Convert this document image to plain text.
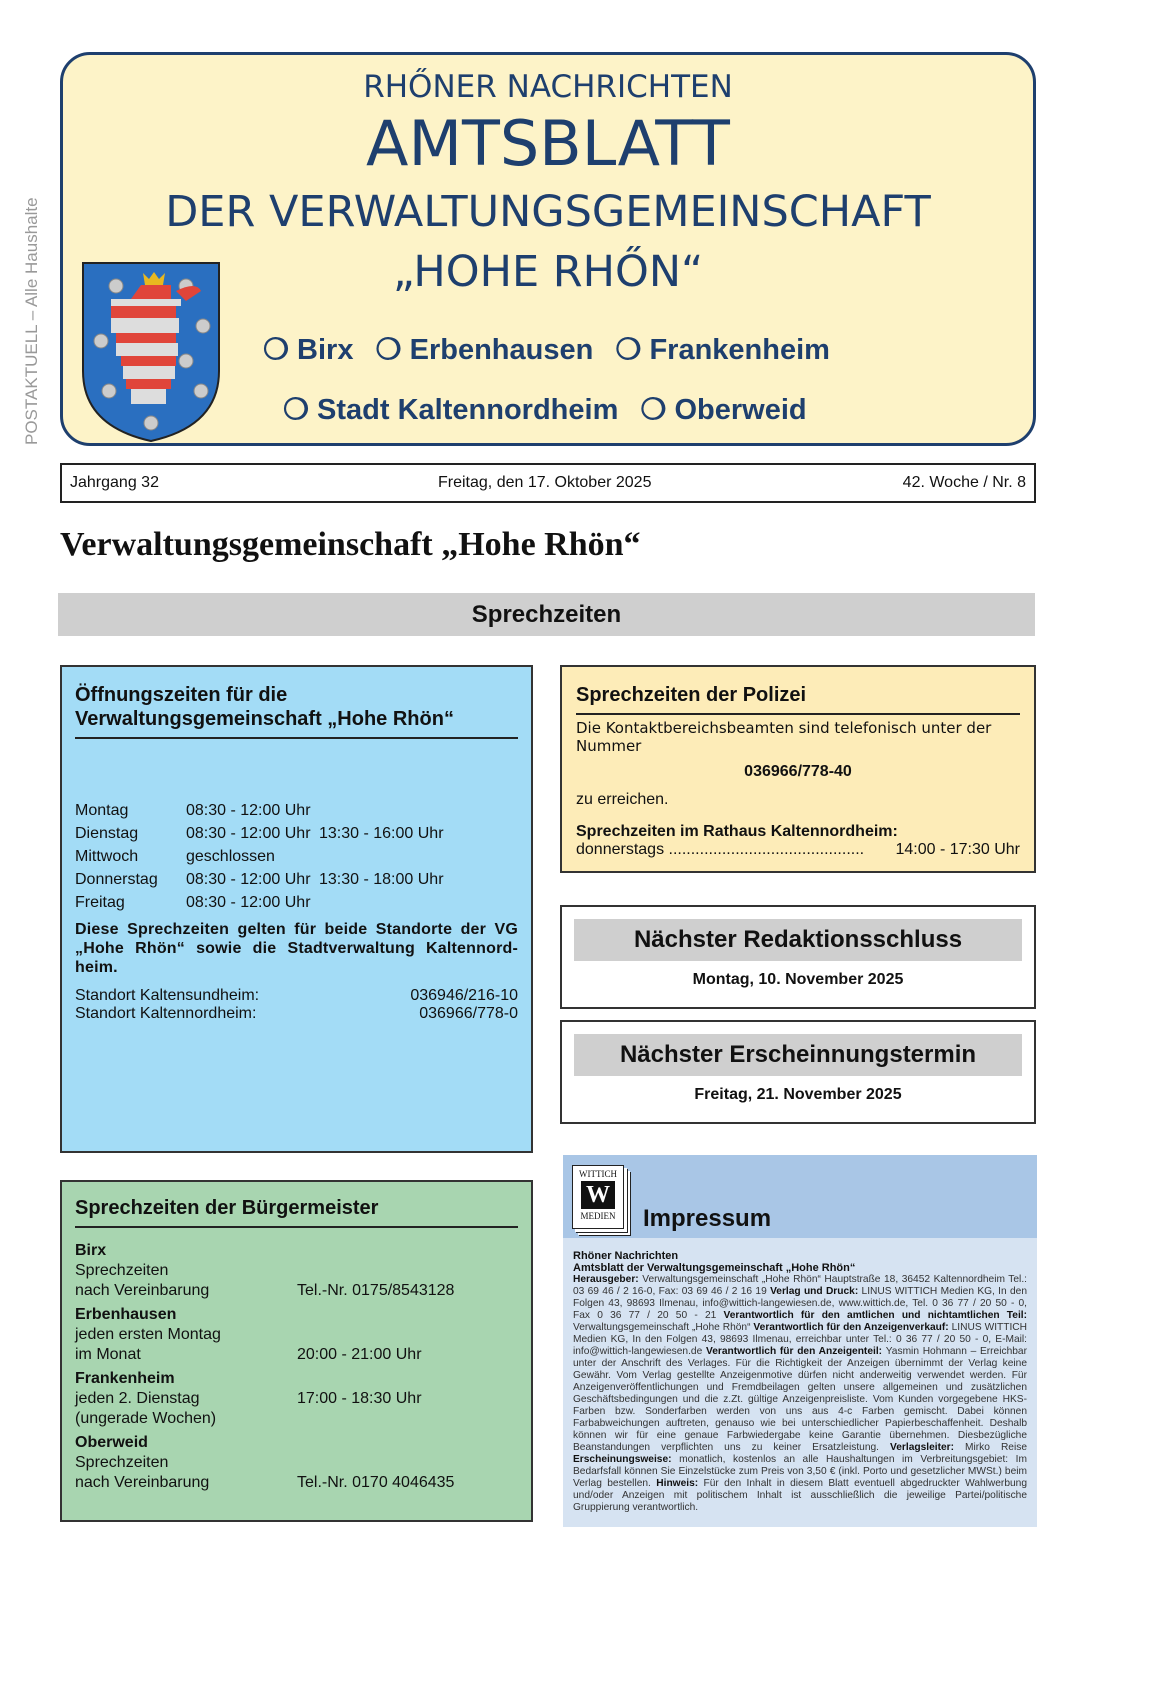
POSTAKTUELL – Alle Haushalte
RHŐNER NACHRICHTEN
AMTSBLATT
DER VERWALTUNGSGEMEINSCHAFT
„HOHE RHŐN“
❍ Birx ❍ Erbenhausen ❍ Frankenheim
❍ Stadt Kaltennordheim ❍ Oberweid
Jahrgang 32	Freitag, den 17. Oktober 2025	42. Woche / Nr. 8
Verwaltungsgemeinschaft „Hohe Rhön“
Sprechzeiten
Öffnungszeiten für die Verwaltungsgemeinschaft „Hohe Rhön“
Montag	08:30 - 12:00 Uhr
Dienstag	08:30 - 12:00 Uhr 13:30 - 16:00 Uhr
Mittwoch	geschlossen
Donnerstag	08:30 - 12:00 Uhr 13:30 - 18:00 Uhr
Freitag	08:30 - 12:00 Uhr
Diese Sprechzeiten gelten für beide Standorte der VG „Hohe Rhön“ sowie die Stadtverwaltung Kaltennord-heim.
Standort Kaltensundheim:	036946/216-10
Standort Kaltennordheim:	036966/778-0
Sprechzeiten der Polizei
Die Kontaktbereichsbeamten sind telefonisch unter der Nummer
036966/778-40
zu erreichen.
Sprechzeiten im Rathaus Kaltennordheim:
donnerstags ............................................ 14:00 - 17:30 Uhr
Nächster Redaktionsschluss
Montag, 10. November 2025
Nächster Erscheinnungstermin
Freitag, 21. November 2025
Sprechzeiten der Bürgermeister
Birx
Sprechzeiten
nach Vereinbarung	Tel.-Nr. 0175/8543128
Erbenhausen
jeden ersten Montag
im Monat	20:00 - 21:00 Uhr
Frankenheim
jeden 2. Dienstag	17:00 - 18:30 Uhr
(ungerade Wochen)
Oberweid
Sprechzeiten
nach Vereinbarung	Tel.-Nr. 0170 4046435
WITTICH
W
MEDIEN	Impressum
Rhöner Nachrichten
Amtsblatt der Verwaltungsgemeinschaft „Hohe Rhön“
Herausgeber: Verwaltungsgemeinschaft „Hohe Rhön“ Hauptstraße 18, 36452 Kaltennordheim Tel.: 03 69 46 / 2 16-0, Fax: 03 69 46 / 2 16 19 Verlag und Druck: LINUS WITTICH Medien KG, In den Folgen 43, 98693 Ilmenau, info@wittich-langewiesen.de, www.wittich.de, Tel. 0 36 77 / 20 50 - 0, Fax 0 36 77 / 20 50 - 21 Verantwortlich für den amtlichen und nichtamtlichen Teil: Verwaltungsgemeinschaft „Hohe Rhön“ Verantwortlich für den Anzeigenverkauf: LINUS WITTICH Medien KG, In den Folgen 43, 98693 Ilmenau, erreichbar unter Tel.: 0 36 77 / 20 50 - 0, E-Mail: info@wittich-langewiesen.de Verantwortlich für den Anzeigenteil: Yasmin Hohmann – Erreichbar unter der Anschrift des Verlages. Für die Richtigkeit der Anzeigen übernimmt der Verlag keine Gewähr. Vom Verlag gestellte Anzeigenmotive dürfen nicht anderweitig verwendet werden. Für Anzeigenveröffentlichungen und Fremdbeilagen gelten unsere allgemeinen und zusätzlichen Geschäftsbedingungen und die z.Zt. gültige Anzeigenpreisliste. Vom Kunden vorgegebene HKS-Farben bzw. Sonderfarben werden von uns aus 4-c Farben gemischt. Dabei können Farbabweichungen auftreten, genauso wie bei unterschiedlicher Papierbeschaffenheit. Deshalb können wir für eine genaue Farbwiedergabe keine Garantie übernehmen. Diesbezügliche Beanstandungen verpflichten uns zu keiner Ersatzleistung. Verlagsleiter: Mirko Reise Erscheinungsweise: monatlich, kostenlos an alle Haushaltungen im Verbreitungsgebiet: Im Bedarfsfall können Sie Einzelstücke zum Preis von 3,50 € (inkl. Porto und gesetzlicher MWSt.) beim Verlag bestellen. Hinweis: Für den Inhalt in diesem Blatt eventuell abgedruckter Wahlwerbung und/oder Anzeigen mit politischem Inhalt ist ausschließlich die jeweilige Partei/politische Gruppierung verantwortlich.
